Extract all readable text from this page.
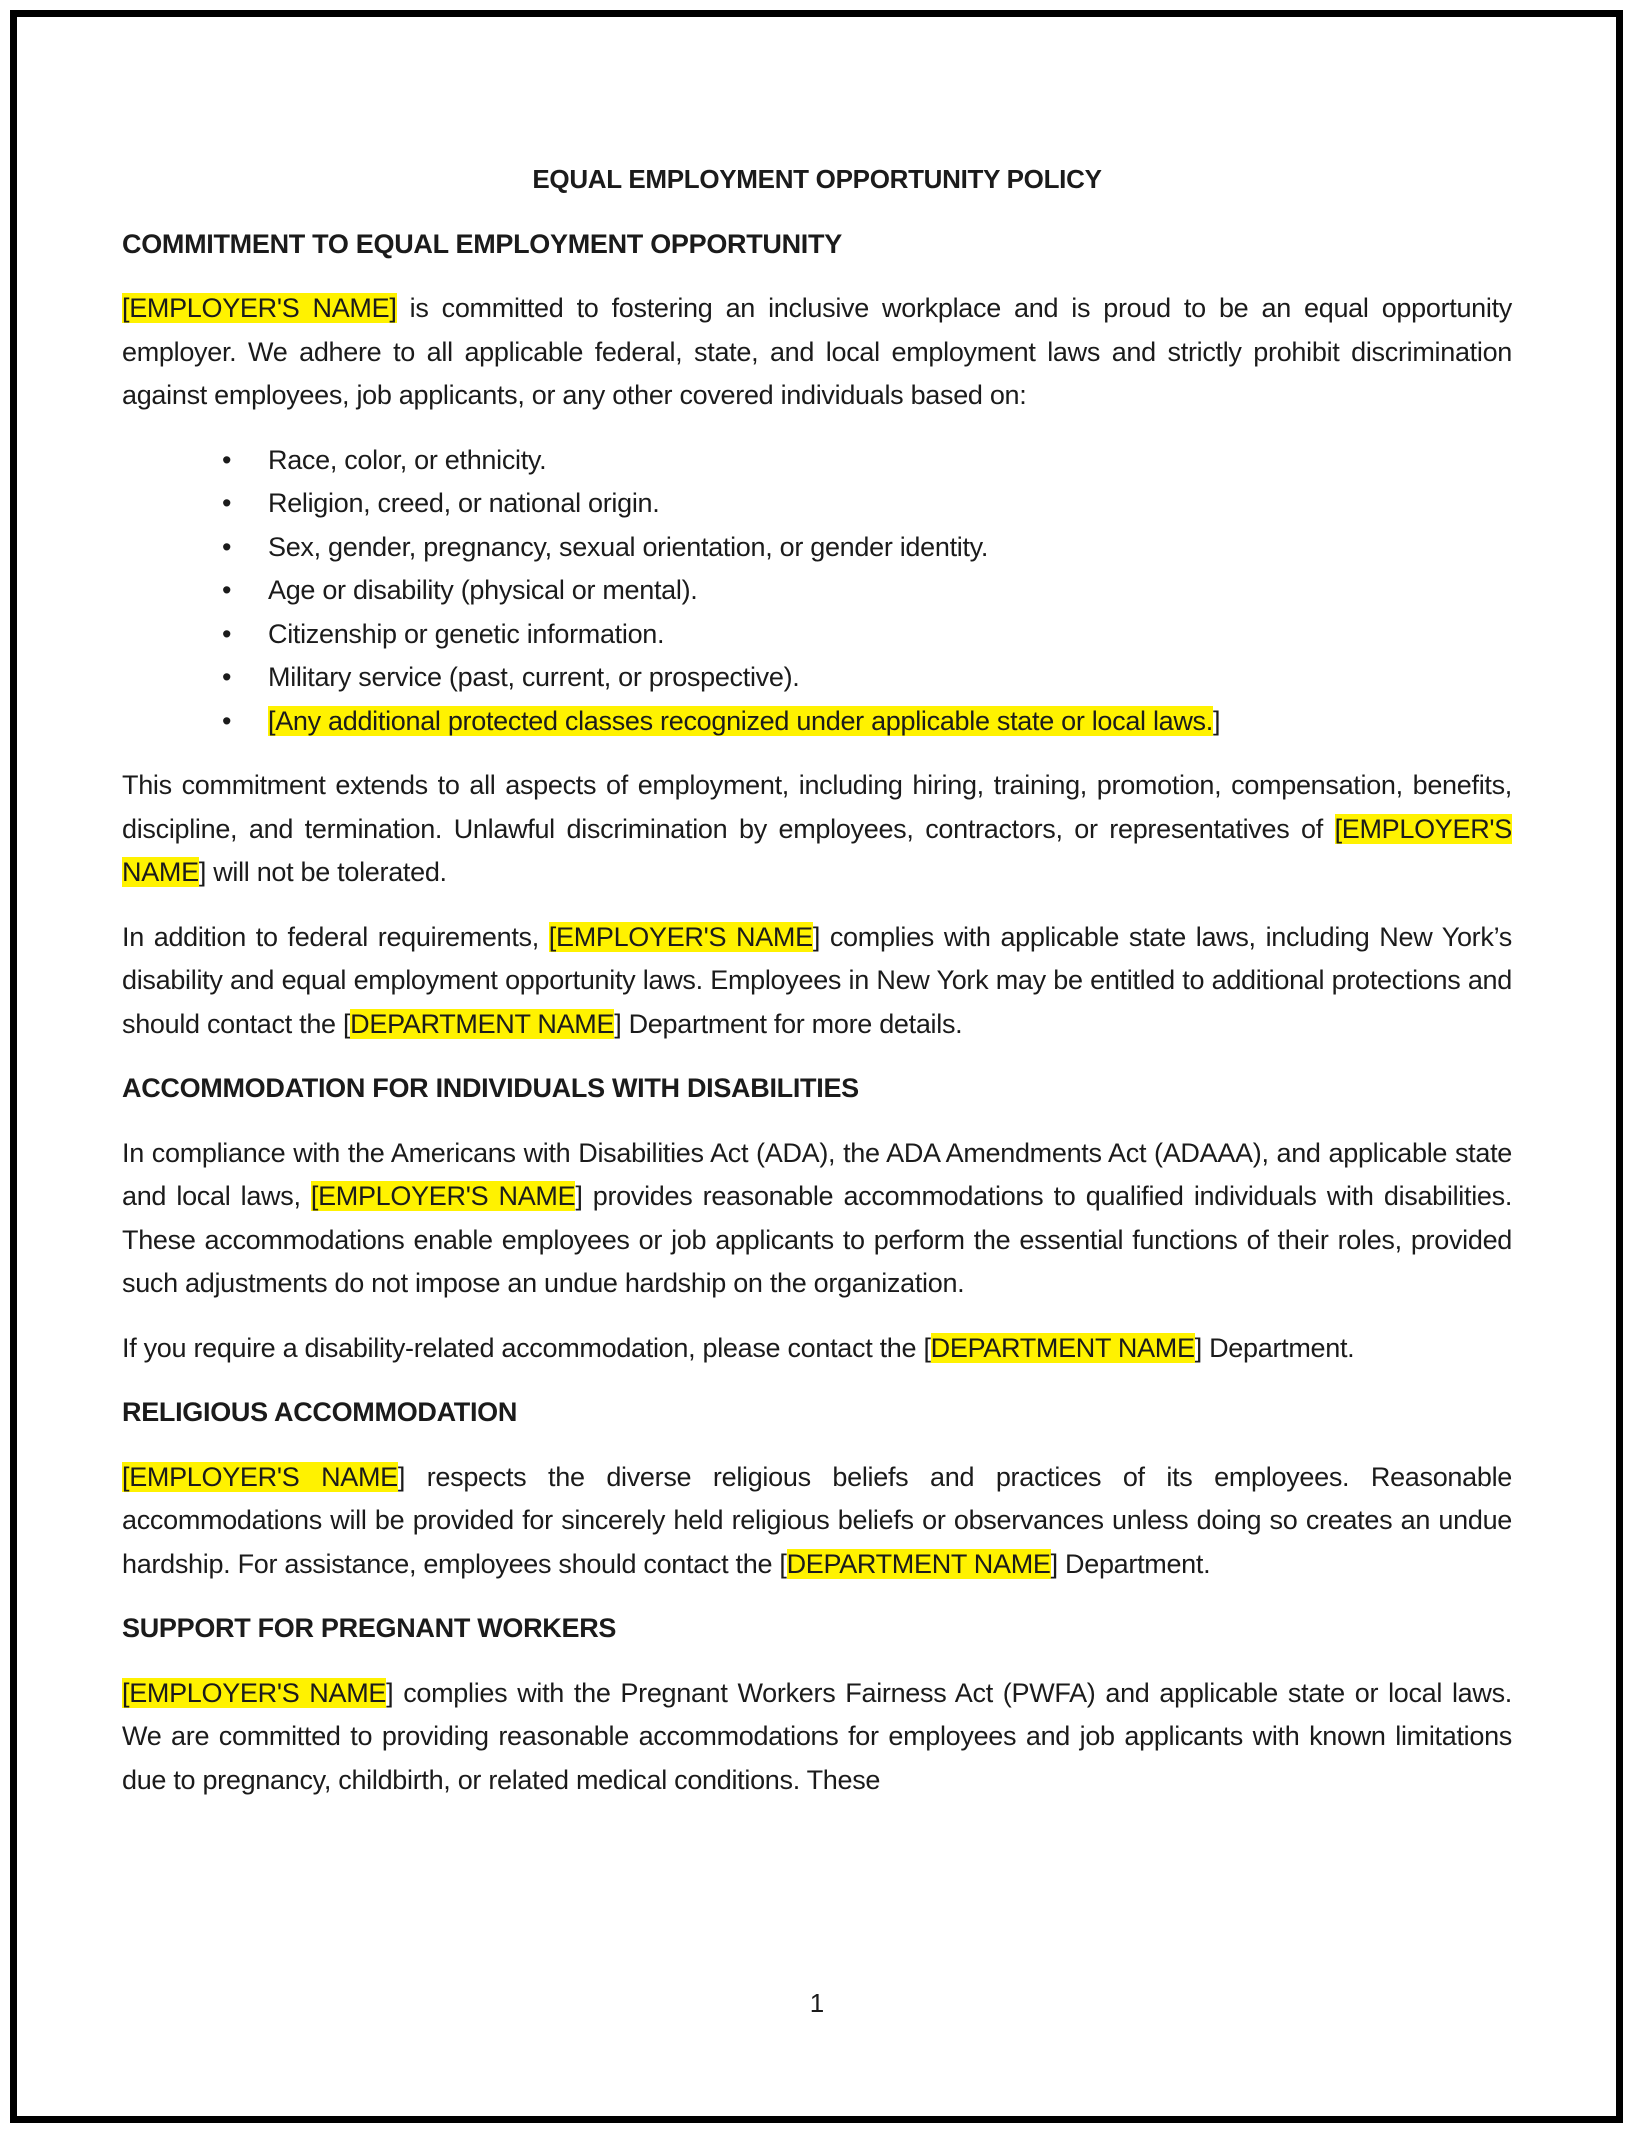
EQUAL EMPLOYMENT OPPORTUNITY POLICY
COMMITMENT TO EQUAL EMPLOYMENT OPPORTUNITY

[EMPLOYER'S NAME] is committed to fostering an inclusive workplace and is proud to be an equal opportunity employer. We adhere to all applicable federal, state, and local employment laws and strictly prohibit discrimination against employees, job applicants, or any other covered individuals based on:

• Race, color, or ethnicity.
• Religion, creed, or national origin.
• Sex, gender, pregnancy, sexual orientation, or gender identity.
• Age or disability (physical or mental).
• Citizenship or genetic information.
• Military service (past, current, or prospective).
• [Any additional protected classes recognized under applicable state or local laws.]

This commitment extends to all aspects of employment, including hiring, training, promotion, compensation, benefits, discipline, and termination. Unlawful discrimination by employees, contractors, or representatives of [EMPLOYER'S NAME] will not be tolerated.

In addition to federal requirements, [EMPLOYER'S NAME] complies with applicable state laws, including New York’s disability and equal employment opportunity laws. Employees in New York may be entitled to additional protections and should contact the [DEPARTMENT NAME] Department for more details.

ACCOMMODATION FOR INDIVIDUALS WITH DISABILITIES

In compliance with the Americans with Disabilities Act (ADA), the ADA Amendments Act (ADAAA), and applicable state and local laws, [EMPLOYER'S NAME] provides reasonable accommodations to qualified individuals with disabilities. These accommodations enable employees or job applicants to perform the essential functions of their roles, provided such adjustments do not impose an undue hardship on the organization.

If you require a disability-related accommodation, please contact the [DEPARTMENT NAME] Department.

RELIGIOUS ACCOMMODATION

[EMPLOYER'S NAME] respects the diverse religious beliefs and practices of its employees. Reasonable accommodations will be provided for sincerely held religious beliefs or observances unless doing so creates an undue hardship. For assistance, employees should contact the [DEPARTMENT NAME] Department.

SUPPORT FOR PREGNANT WORKERS

[EMPLOYER'S NAME] complies with the Pregnant Workers Fairness Act (PWFA) and applicable state or local laws. We are committed to providing reasonable accommodations for employees and job applicants with known limitations due to pregnancy, childbirth, or related medical conditions. These

1
